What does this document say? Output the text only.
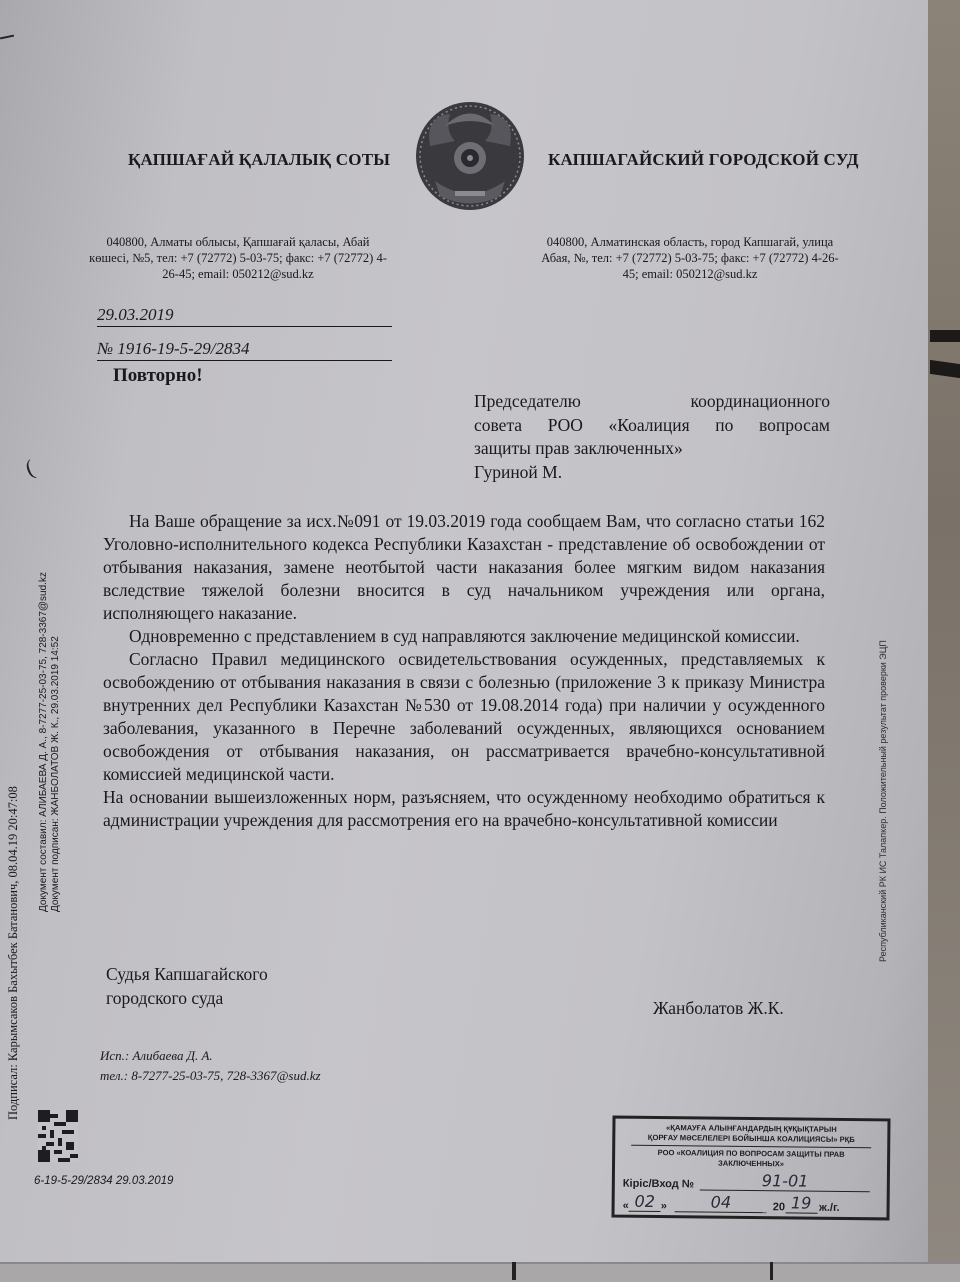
ҚАПШАҒАЙ ҚАЛАЛЫҚ СОТЫ	КАПШАГАЙСКИЙ ГОРОДСКОЙ СУД
040800, Алматы облысы, Қапшағай қаласы, Абай көшесі, №5, тел: +7 (72772) 5-03-75; факс: +7 (72772) 4-26-45; email: 050212@sud.kz
040800, Алматинская область, город Капшагай, улица Абая, №, тел: +7 (72772) 5-03-75; факс: +7 (72772) 4-26-45; email: 050212@sud.kz
29.03.2019
№ 1916-19-5-29/2834
Повторно!
Председателю координационного
совета РОО «Коалиция по вопросам
защиты прав заключенных»
Гуриной М.

На Ваше обращение за исх.№091 от 19.03.2019 года сообщаем Вам, что согласно статьи 162 Уголовно-исполнительного кодекса Республики Казахстан - представление об освобождении от отбывания наказания, замене неотбытой части наказания более мягким видом наказания вследствие тяжелой болезни вносится в суд начальником учреждения или органа, исполняющего наказание.

Одновременно с представлением в суд направляются заключение медицинской комиссии.

Согласно Правил медицинского освидетельствования осужденных, представляемых к освобождению от отбывания наказания в связи с болезнью (приложение 3 к приказу Министра внутренних дел Республики Казахстан №530 от 19.08.2014 года) при наличии у осужденного заболевания, указанного в Перечне заболеваний осужденных, являющихся основанием освобождения от отбывания наказания, он рассматривается врачебно-консультативной комиссией медицинской части.

На основании вышеизложенных норм, разъясняем, что осужденному необходимо обратиться к администрации учреждения для рассмотрения его на врачебно-консультативной комиссии

Судья Капшагайского
городского суда	Жанболатов Ж.К.
Исп.: Алибаева Д. А.
тел.: 8-7277-25-03-75, 728-3367@sud.kz
6-19-5-29/2834 29.03.2019
«ҚАМАУҒА АЛЫНҒАНДАРДЫҢ ҚҰҚЫҚТАРЫН
ҚОРҒАУ МӘСЕЛЕЛЕРІ БОЙЫНША КОАЛИЦИЯСЫ» РҚБ
РОО «КОАЛИЦИЯ ПО ВОПРОСАМ ЗАЩИТЫ ПРАВ
ЗАКЛЮЧЕННЫХ»
Кіріс/Вход №	91-01
« 02 »	04	20 19 ж./г.
(
Подписал: Карымсаков Бахытбек Батанович, 08.04.19 20:47:08
Документ составил: АЛИБАЕВА Д. А., 8-7277-25-03-75, 728-3367@sud.kz Документ подписан: ЖАНБОЛАТОВ Ж. К., 29.03.2019 14:52	Республиканский РК ИС Талапкер. Положительный результат проверки ЭЦП
